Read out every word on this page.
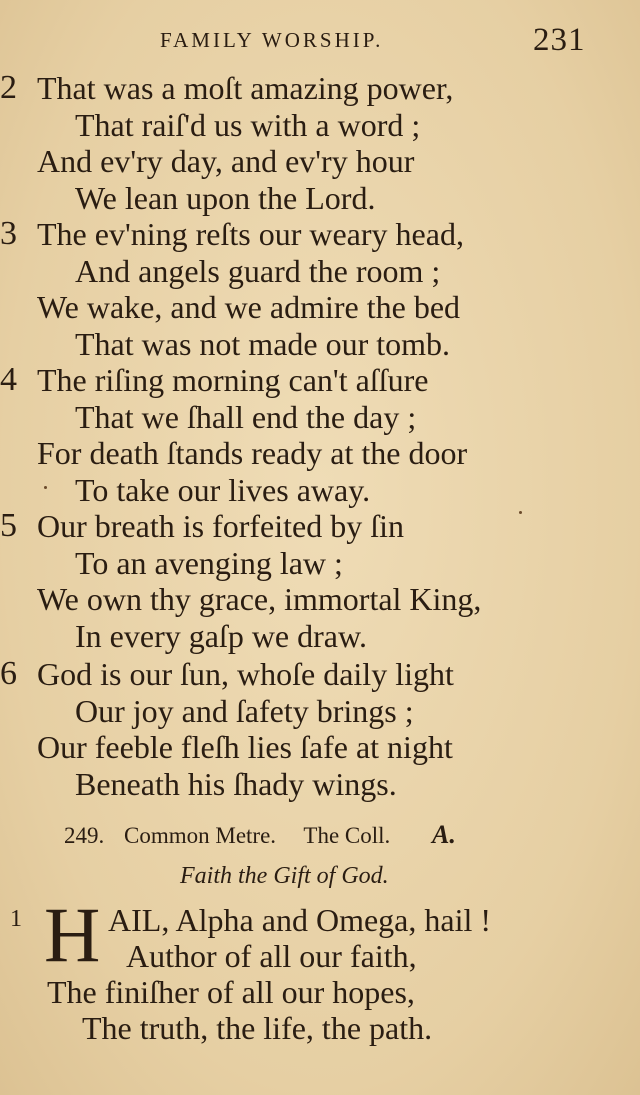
FAMILY WORSHIP.	231
2 That was a moſt amazing power,
That raiſ'd us with a word ;
And ev'ry day, and ev'ry hour
We lean upon the Lord.
3 The ev'ning reſts our weary head,
And angels guard the room ;
We wake, and we admire the bed
That was not made our tomb.
4 The riſing morning can't aſſure
That we ſhall end the day ;
For death ſtands ready at the door
To take our lives away.
5 Our breath is forfeited by ſin
To an avenging law ;
We own thy grace, immortal King,
In every gaſp we draw.
6 God is our ſun, whoſe daily light
Our joy and ſafety brings ;
Our feeble fleſh lies ſafe at night
Beneath his ſhady wings.
249. Common Metre. The Coll. A.
Faith the Gift of God.
1 H AIL, Alpha and Omega, hail !
Author of all our faith,
The finiſher of all our hopes,
The truth, the life, the path.
